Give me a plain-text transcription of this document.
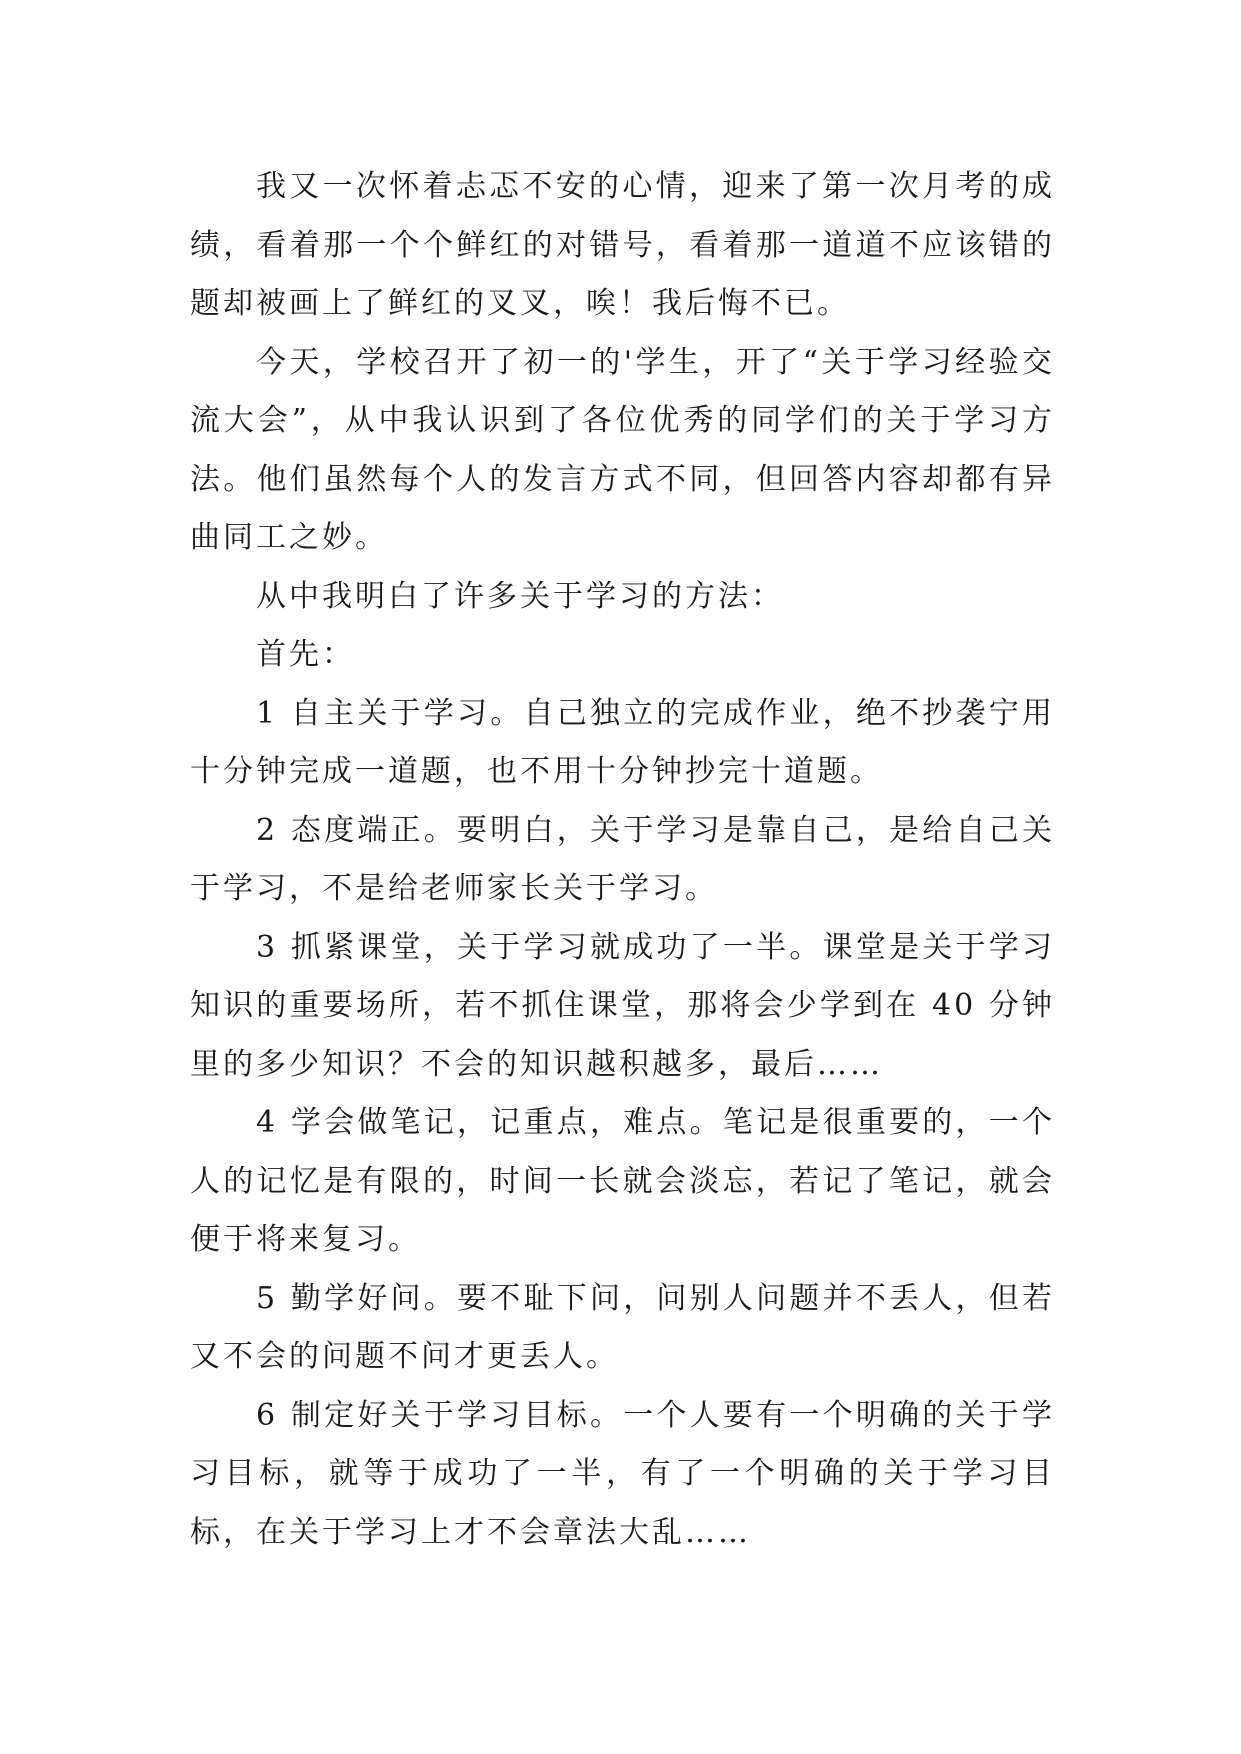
我又一次怀着忐忑不安的心情，迎来了第一次月考的成绩，看着那一个个鲜红的对错号，看着那一道道不应该错的题却被画上了鲜红的叉叉，唉！我后悔不已。

今天，学校召开了初一的'学生，开了“关于学习经验交流大会”，从中我认识到了各位优秀的同学们的关于学习方法。他们虽然每个人的发言方式不同，但回答内容却都有异曲同工之妙。

从中我明白了许多关于学习的方法：

首先：

1 自主关于学习。自己独立的完成作业，绝不抄袭宁用十分钟完成一道题，也不用十分钟抄完十道题。

2 态度端正。要明白，关于学习是靠自己，是给自己关于学习，不是给老师家长关于学习。

3 抓紧课堂，关于学习就成功了一半。课堂是关于学习知识的重要场所，若不抓住课堂，那将会少学到在 40 分钟里的多少知识？不会的知识越积越多，最后……

4 学会做笔记，记重点，难点。笔记是很重要的，一个人的记忆是有限的，时间一长就会淡忘，若记了笔记，就会便于将来复习。

5 勤学好问。要不耻下问，问别人问题并不丢人，但若又不会的问题不问才更丢人。

6 制定好关于学习目标。一个人要有一个明确的关于学习目标，就等于成功了一半，有了一个明确的关于学习目标，在关于学习上才不会章法大乱……
